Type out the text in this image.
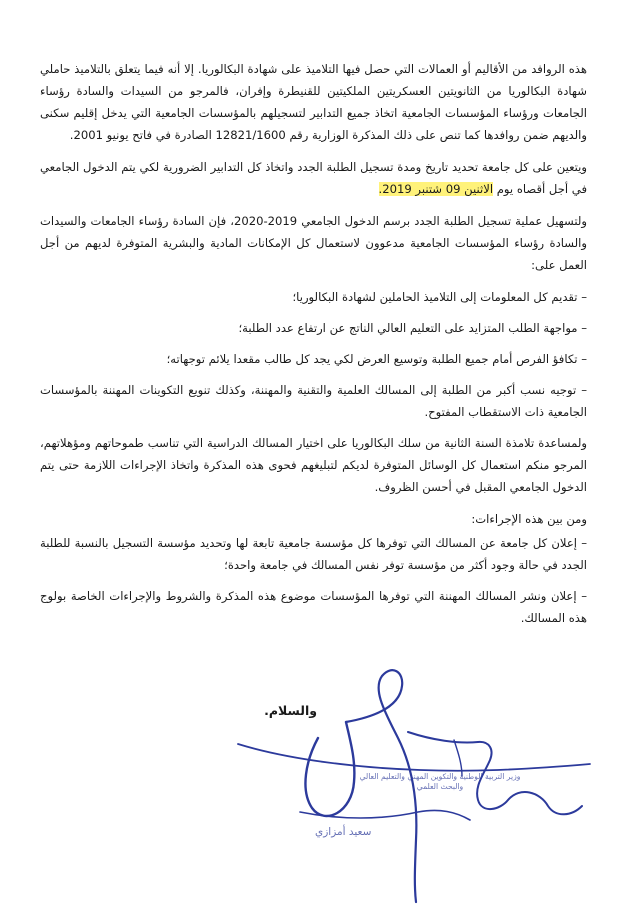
هذه الروافد من الأقاليم أو العمالات التي حصل فيها التلاميذ على شهادة البكالوريا. إلا أنه فيما يتعلق بالتلاميذ حاملي شهادة البكالوريا من الثانويتين العسكريتين الملكيتين للقنيطرة وإفران، فالمرجو من السيدات والسادة رؤساء الجامعات ورؤساء المؤسسات الجامعية اتخاذ جميع التدابير لتسجيلهم بالمؤسسات الجامعية التي يدخل إقليم سكنى والديهم ضمن روافدها كما تنص على ذلك المذكرة الوزارية رقم 12821/1600 الصادرة في فاتح يونيو 2001.

ويتعين على كل جامعة تحديد تاريخ ومدة تسجيل الطلبة الجدد واتخاذ كل التدابير الضرورية لكي يتم الدخول الجامعي في أجل أقصاه يوم الاثنين 09 شتنبر 2019.

ولتسهيل عملية تسجيل الطلبة الجدد برسم الدخول الجامعي 2019-2020، فإن السادة رؤساء الجامعات والسيدات والسادة رؤساء المؤسسات الجامعية مدعوون لاستعمال كل الإمكانات المادية والبشرية المتوفرة لديهم من أجل العمل على:

– تقديم كل المعلومات إلى التلاميذ الحاملين لشهادة البكالوريا؛

– مواجهة الطلب المتزايد على التعليم العالي الناتج عن ارتفاع عدد الطلبة؛

– تكافؤ الفرص أمام جميع الطلبة وتوسيع العرض لكي يجد كل طالب مقعدا يلائم توجهاته؛

– توجيه نسب أكبر من الطلبة إلى المسالك العلمية والتقنية والمهننة، وكذلك تنويع التكوينات المهننة بالمؤسسات الجامعية ذات الاستقطاب المفتوح.

ولمساعدة تلامذة السنة الثانية من سلك البكالوريا على اختيار المسالك الدراسية التي تناسب طموحاتهم ومؤهلاتهم، المرجو منكم استعمال كل الوسائل المتوفرة لديكم لتبليغهم فحوى هذه المذكرة واتخاذ الإجراءات اللازمة حتى يتم الدخول الجامعي المقبل في أحسن الظروف.

ومن بين هذه الإجراءات:

– إعلان كل جامعة عن المسالك التي توفرها كل مؤسسة جامعية تابعة لها وتحديد مؤسسة التسجيل بالنسبة للطلبة الجدد في حالة وجود أكثر من مؤسسة توفر نفس المسالك في جامعة واحدة؛

– إعلان ونشر المسالك المهننة التي توفرها المؤسسات موضوع هذه المذكرة والشروط والإجراءات الخاصة بولوج هذه المسالك.

والسلام.
وزير التربية الوطنية والتكوين المهني والتعليم العالي
والبحث العلمي
سعيد أمزازي
